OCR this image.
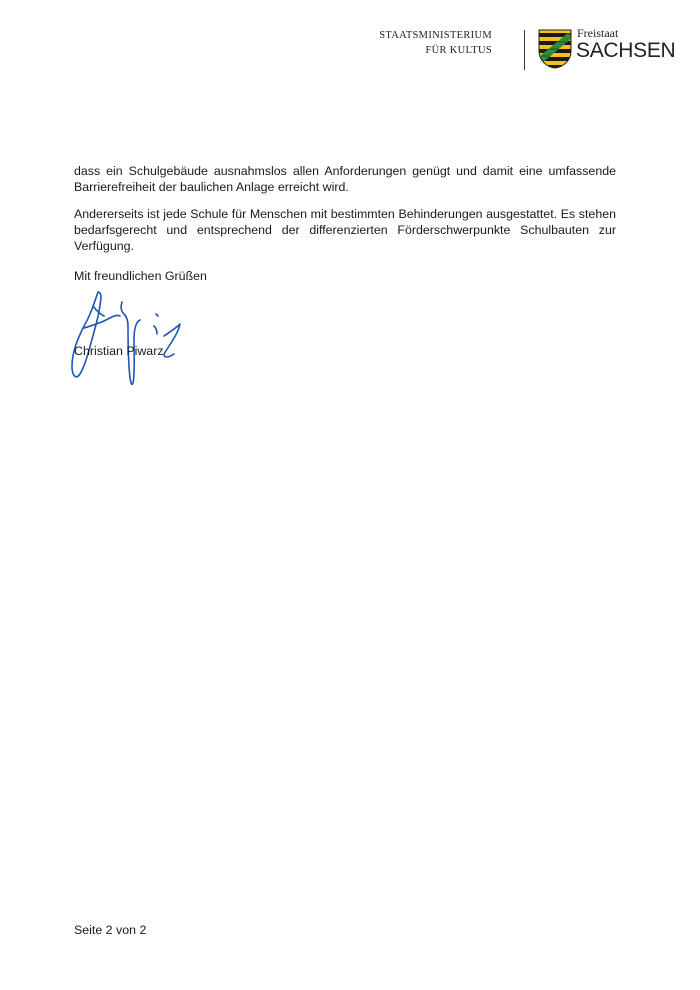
STAATSMINISTERIUM
FÜR KULTUS
Freistaat
SACHSEN

dass ein Schulgebäude ausnahmslos allen Anforderungen genügt und damit eine umfassende Barrierefreiheit der baulichen Anlage erreicht wird.

Andererseits ist jede Schule für Menschen mit bestimmten Behinderungen ausgestattet. Es stehen bedarfsgerecht und entsprechend der differenzierten Förderschwerpunkte Schulbauten zur Verfügung.

Mit freundlichen Grüßen
Christian Piwarz
Seite 2 von 2
